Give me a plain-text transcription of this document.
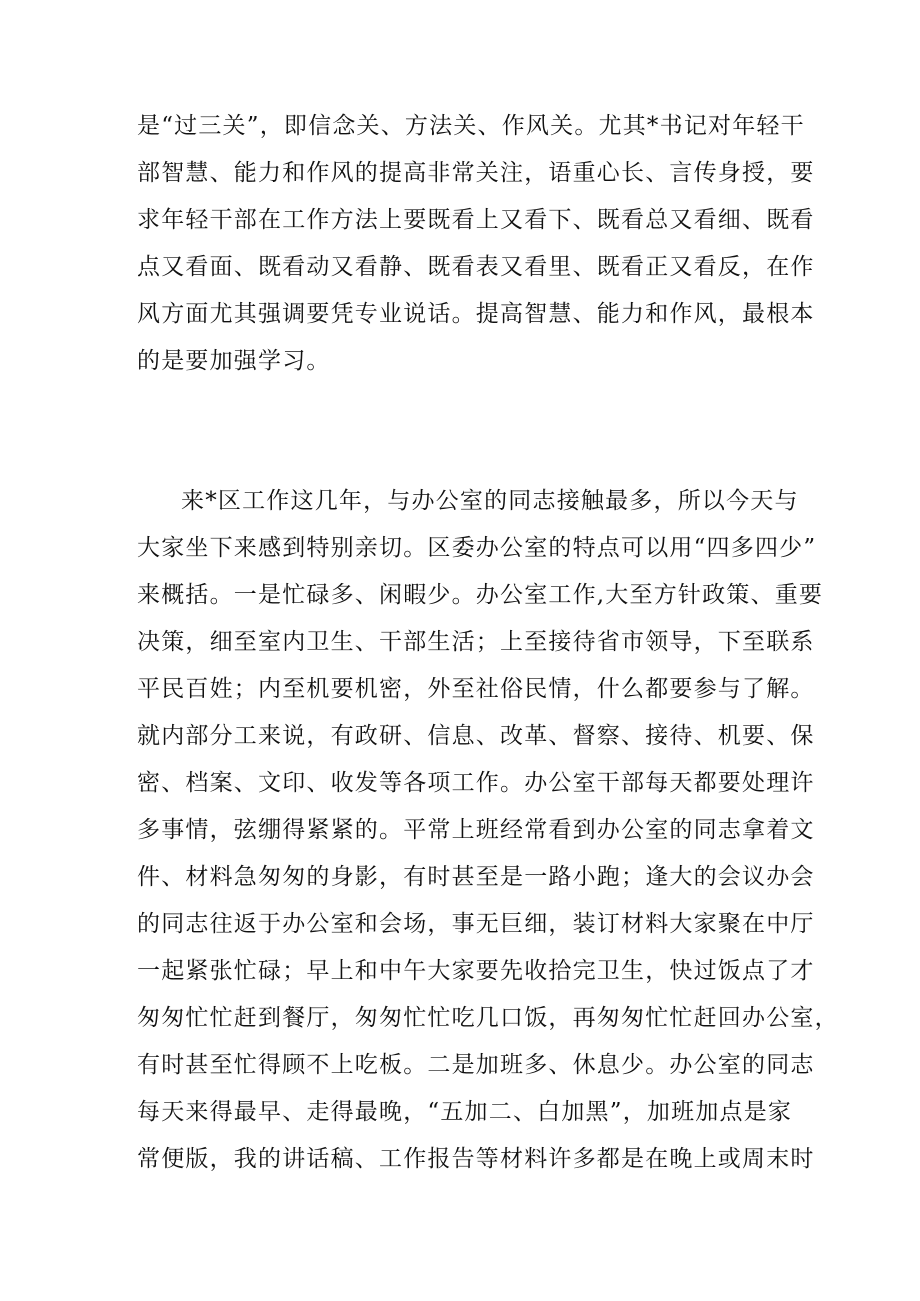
是“过三关”，即信念关、方法关、作风关。尤其*书记对年轻干
部智慧、能力和作风的提高非常关注，语重心长、言传身授，要
求年轻干部在工作方法上要既看上又看下、既看总又看细、既看
点又看面、既看动又看静、既看表又看里、既看正又看反，在作
风方面尤其强调要凭专业说话。提高智慧、能力和作风，最根本
的是要加强学习。

来*区工作这几年，与办公室的同志接触最多，所以今天与
大家坐下来感到特别亲切。区委办公室的特点可以用“四多四少”
来概括。一是忙碌多、闲暇少。办公室工作,大至方针政策、重要
决策，细至室内卫生、干部生活；上至接待省市领导，下至联系
平民百姓；内至机要机密，外至社俗民情，什么都要参与了解。
就内部分工来说，有政研、信息、改革、督察、接待、机要、保
密、档案、文印、收发等各项工作。办公室干部每天都要处理许
多事情，弦绷得紧紧的。平常上班经常看到办公室的同志拿着文
件、材料急匆匆的身影，有时甚至是一路小跑；逢大的会议办会
的同志往返于办公室和会场，事无巨细，装订材料大家聚在中厅
一起紧张忙碌；早上和中午大家要先收拾完卫生，快过饭点了才
匆匆忙忙赶到餐厅，匆匆忙忙吃几口饭，再匆匆忙忙赶回办公室，
有时甚至忙得顾不上吃板。二是加班多、休息少。办公室的同志
每天来得最早、走得最晚，“五加二、白加黑”，加班加点是家
常便版，我的讲话稿、工作报告等材料许多都是在晚上或周末时
